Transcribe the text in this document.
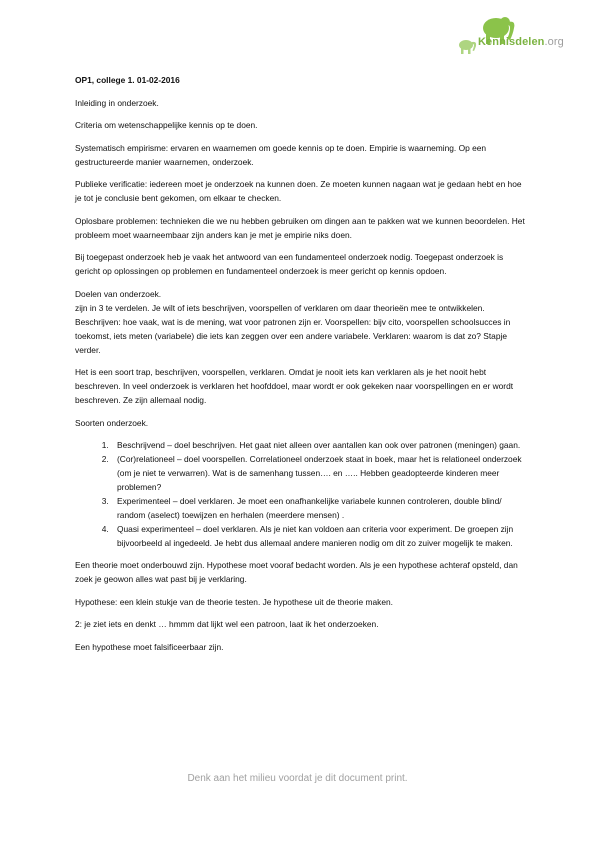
Kennisdelen.org

OP1, college 1. 01-02-2016

Inleiding in onderzoek.

Criteria om wetenschappelijke kennis op te doen.

Systematisch empirisme: ervaren en waarnemen om goede kennis op te doen. Empirie is waarneming. Op een gestructureerde manier waarnemen, onderzoek.

Publieke verificatie: iedereen moet je onderzoek na kunnen doen. Ze moeten kunnen nagaan wat je gedaan hebt en hoe je tot je conclusie bent gekomen, om elkaar te checken.

Oplosbare problemen: technieken die we nu hebben gebruiken om dingen aan te pakken wat we kunnen beoordelen. Het probleem moet waarneembaar zijn anders kan je met je empirie niks doen.

Bij toegepast onderzoek heb je vaak het antwoord van een fundamenteel onderzoek nodig. Toegepast onderzoek is gericht op oplossingen op problemen en fundamenteel onderzoek is meer gericht op kennis opdoen.

Doelen van onderzoek.
zijn in 3 te verdelen. Je wilt of iets beschrijven, voorspellen of verklaren om daar theorieën mee te ontwikkelen. Beschrijven: hoe vaak, wat is de mening, wat voor patronen zijn er. Voorspellen: bijv cito, voorspellen schoolsucces in toekomst, iets meten (variabele) die iets kan zeggen over een andere variabele. Verklaren: waarom is dat zo? Stapje verder.

Het is een soort trap, beschrijven, voorspellen, verklaren. Omdat je nooit iets kan verklaren als je het nooit hebt beschreven. In veel onderzoek is verklaren het hoofddoel, maar wordt er ook gekeken naar voorspellingen en er wordt beschreven. Ze zijn allemaal nodig.

Soorten onderzoek.

1. Beschrijvend – doel beschrijven. Het gaat niet alleen over aantallen kan ook over patronen (meningen) gaan.
2. (Cor)relationeel – doel voorspellen. Correlationeel onderzoek staat in boek, maar het is relationeel onderzoek (om je niet te verwarren). Wat is de samenhang tussen…. en ….. Hebben geadopteerde kinderen meer problemen?
3. Experimenteel – doel verklaren. Je moet een onafhankelijke variabele kunnen controleren, double blind/ random (aselect) toewijzen en herhalen (meerdere mensen) .
4. Quasi experimenteel – doel verklaren. Als je niet kan voldoen aan criteria voor experiment. De groepen zijn bijvoorbeeld al ingedeeld. Je hebt dus allemaal andere manieren nodig om dit zo zuiver mogelijk te maken.

Een theorie moet onderbouwd zijn. Hypothese moet vooraf bedacht worden. Als je een hypothese achteraf opsteld, dan zoek je geowon alles wat past bij je verklaring.

Hypothese: een klein stukje van de theorie testen. Je hypothese uit de theorie maken.

2: je ziet iets en denkt … hmmm dat lijkt wel een patroon, laat ik het onderzoeken.

Een hypothese moet falsificeerbaar zijn.

Denk aan het milieu voordat je dit document print.
